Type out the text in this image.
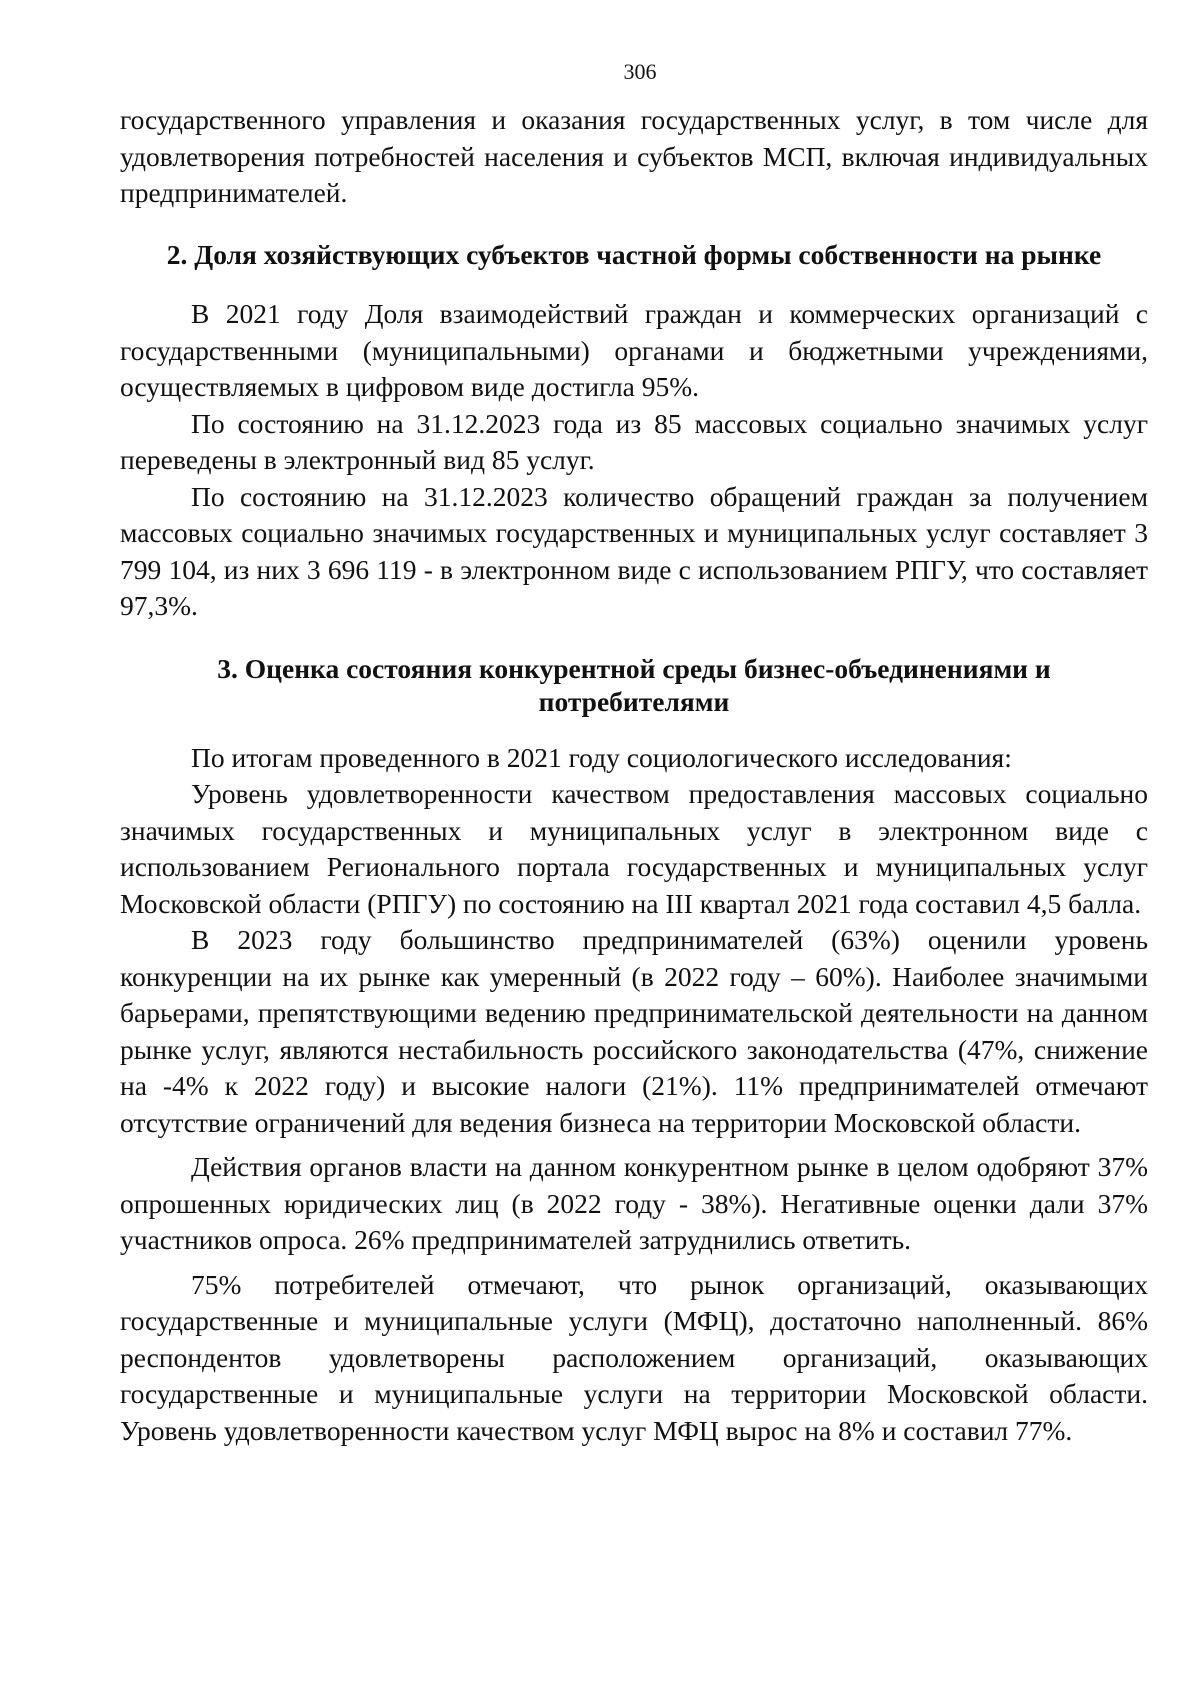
306

государственного управления и оказания государственных услуг, в том числе для удовлетворения потребностей населения и субъектов МСП, включая индивидуальных предпринимателей.

2. Доля хозяйствующих субъектов частной формы собственности на рынке

В 2021 году Доля взаимодействий граждан и коммерческих организаций с государственными (муниципальными) органами и бюджетными учреждениями, осуществляемых в цифровом виде достигла 95%.

По состоянию на 31.12.2023 года из 85 массовых социально значимых услуг переведены в электронный вид 85 услуг.

По состоянию на 31.12.2023 количество обращений граждан за получением массовых социально значимых государственных и муниципальных услуг составляет 3 799 104, из них 3 696 119 - в электронном виде с использованием РПГУ, что составляет 97,3%.

3. Оценка состояния конкурентной среды бизнес-объединениями и потребителями

По итогам проведенного в 2021 году социологического исследования:

Уровень удовлетворенности качеством предоставления массовых социально значимых государственных и муниципальных услуг в электронном виде с использованием Регионального портала государственных и муниципальных услуг Московской области (РПГУ) по состоянию на III квартал 2021 года составил 4,5 балла.

В 2023 году большинство предпринимателей (63%) оценили уровень конкуренции на их рынке как умеренный (в 2022 году – 60%). Наиболее значимыми барьерами, препятствующими ведению предпринимательской деятельности на данном рынке услуг, являются нестабильность российского законодательства (47%, снижение на -4% к 2022 году) и высокие налоги (21%). 11% предпринимателей отмечают отсутствие ограничений для ведения бизнеса на территории Московской области.

Действия органов власти на данном конкурентном рынке в целом одобряют 37% опрошенных юридических лиц (в 2022 году - 38%). Негативные оценки дали 37% участников опроса. 26% предпринимателей затруднились ответить.

75% потребителей отмечают, что рынок организаций, оказывающих государственные и муниципальные услуги (МФЦ), достаточно наполненный. 86% респондентов удовлетворены расположением организаций, оказывающих государственные и муниципальные услуги на территории Московской области. Уровень удовлетворенности качеством услуг МФЦ вырос на 8% и составил 77%.
